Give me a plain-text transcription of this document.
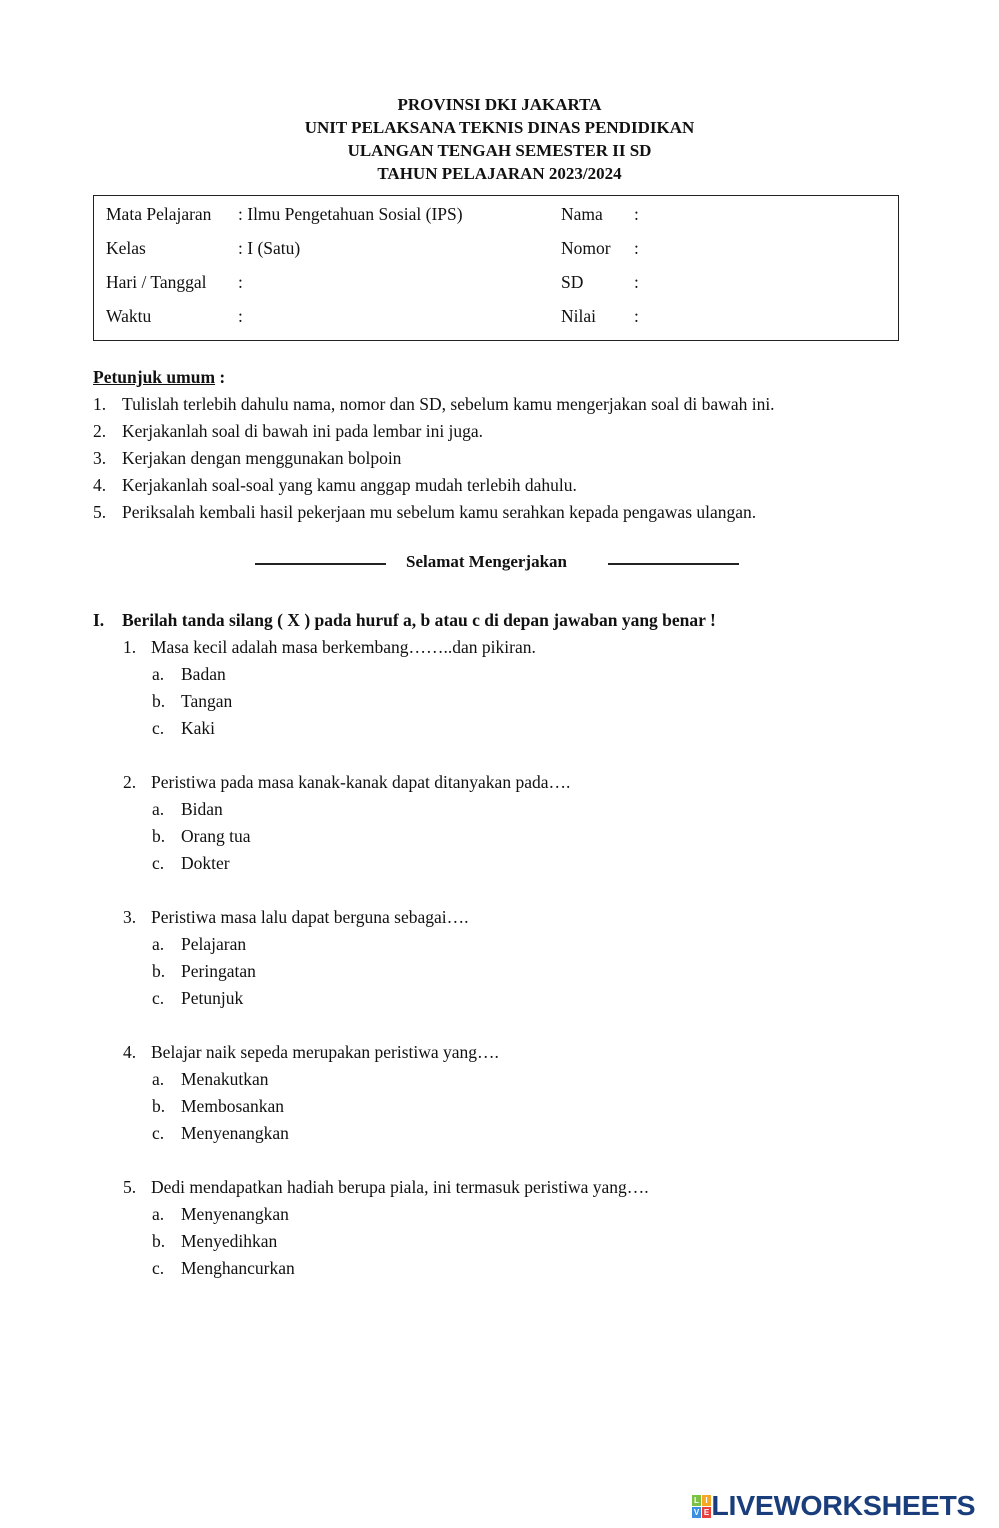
PROVINSI DKI JAKARTA
UNIT PELAKSANA TEKNIS DINAS PENDIDIKAN
ULANGAN TENGAH SEMESTER II SD
TAHUN PELAJARAN 2023/2024
Mata Pelajaran : Ilmu Pengetahuan Sosial (IPS)	Nama :
Kelas	: I (Satu)	Nomor :
Hari / Tanggal :	SD	:
Waktu	:	Nilai :
Petunjuk umum :
1. Tulislah terlebih dahulu nama, nomor dan SD, sebelum kamu mengerjakan soal di bawah ini.
2. Kerjakanlah soal di bawah ini pada lembar ini juga.
3. Kerjakan dengan menggunakan bolpoin
4. Kerjakanlah soal-soal yang kamu anggap mudah terlebih dahulu.
5. Periksalah kembali hasil pekerjaan mu sebelum kamu serahkan kepada pengawas ulangan.
Selamat Mengerjakan
I. Berilah tanda silang ( X ) pada huruf a, b atau c di depan jawaban yang benar !
1. Masa kecil adalah masa berkembang……..dan pikiran.
a. Badan
b. Tangan
c. Kaki
2. Peristiwa pada masa kanak-kanak dapat ditanyakan pada….
a. Bidan
b. Orang tua
c. Dokter
3. Peristiwa masa lalu dapat berguna sebagai….
a. Pelajaran
b. Peringatan
c. Petunjuk
4. Belajar naik sepeda merupakan peristiwa yang….
a. Menakutkan
b. Membosankan
c. Menyenangkan
5. Dedi mendapatkan hadiah berupa piala, ini termasuk peristiwa yang….
a. Menyenangkan
b. Menyedihkan
c. Menghancurkan
L I
V E LIVEWORKSHEETS
